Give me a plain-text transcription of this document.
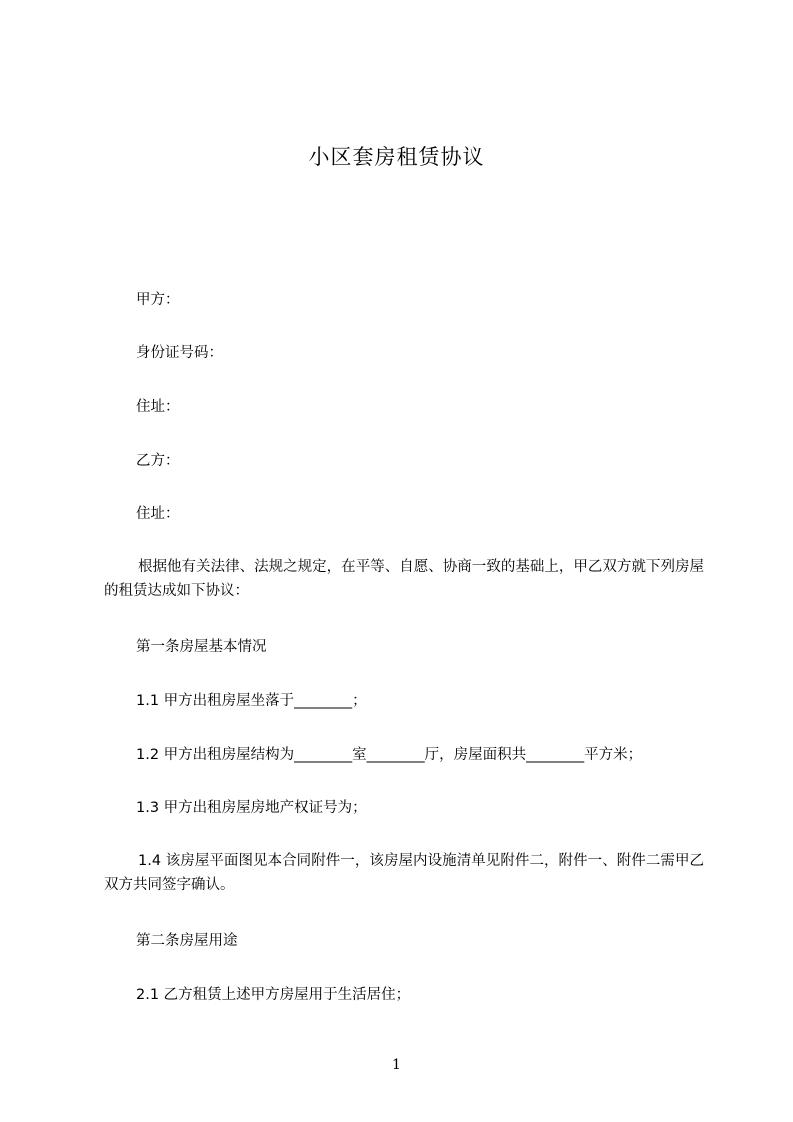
小区套房租赁协议
甲方：
身份证号码：
住址：
乙方：
住址：
根据他有关法律、法规之规定，在平等、自愿、协商一致的基础上，甲乙双方就下列房屋的租赁达成如下协议：
第一条房屋基本情况
1.1 甲方出租房屋坐落于________；
1.2 甲方出租房屋结构为________室________厅，房屋面积共________平方米；
1.3 甲方出租房屋房地产权证号为；
1.4 该房屋平面图见本合同附件一，该房屋内设施清单见附件二，附件一、附件二需甲乙双方共同签字确认。
第二条房屋用途
2.1 乙方租赁上述甲方房屋用于生活居住；
1
